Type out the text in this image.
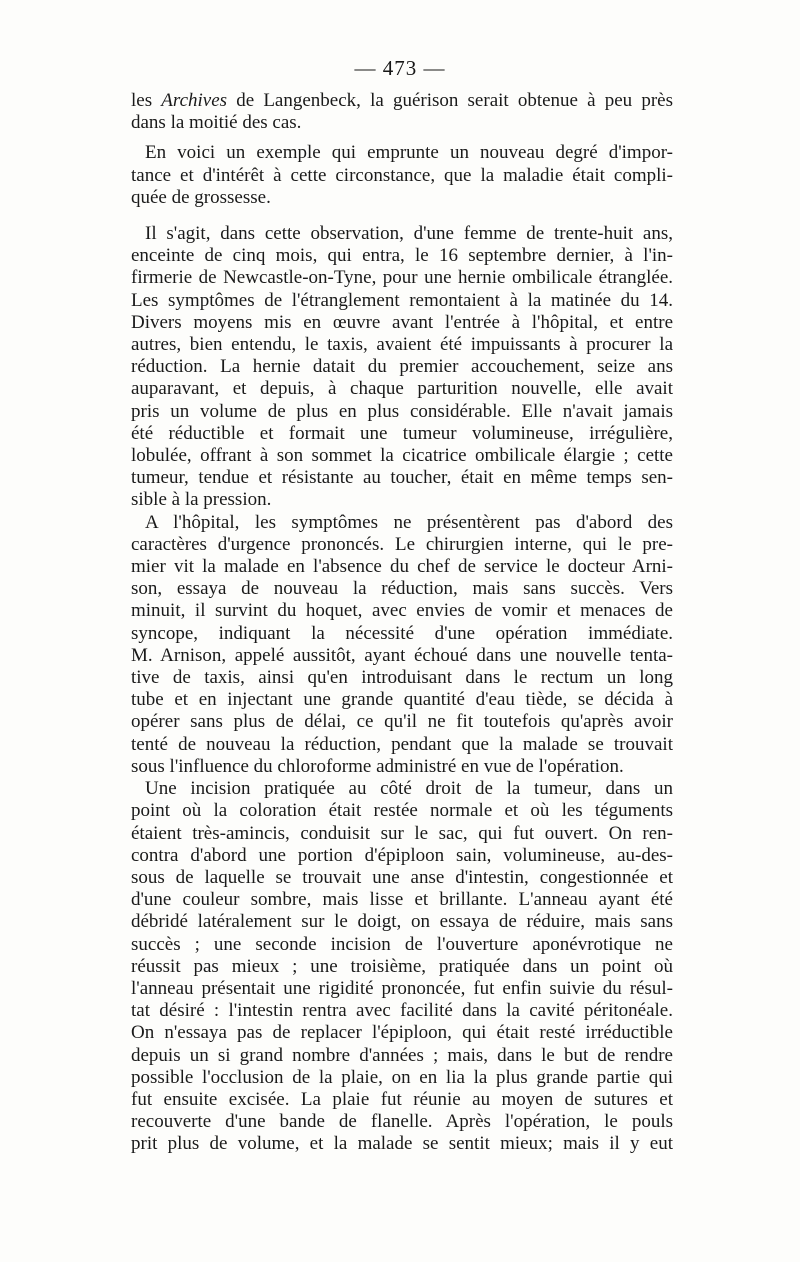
— 473 —
les Archives de Langenbeck, la guérison serait obtenue à peu près
dans la moitié des cas.
En voici un exemple qui emprunte un nouveau degré d'impor-
tance et d'intérêt à cette circonstance, que la maladie était compli-
quée de grossesse.
Il s'agit, dans cette observation, d'une femme de trente-huit ans,
enceinte de cinq mois, qui entra, le 16 septembre dernier, à l'in-
firmerie de Newcastle-on-Tyne, pour une hernie ombilicale étranglée.
Les symptômes de l'étranglement remontaient à la matinée du 14.
Divers moyens mis en œuvre avant l'entrée à l'hôpital, et entre
autres, bien entendu, le taxis, avaient été impuissants à procurer la
réduction. La hernie datait du premier accouchement, seize ans
auparavant, et depuis, à chaque parturition nouvelle, elle avait
pris un volume de plus en plus considérable. Elle n'avait jamais
été réductible et formait une tumeur volumineuse, irrégulière,
lobulée, offrant à son sommet la cicatrice ombilicale élargie ; cette
tumeur, tendue et résistante au toucher, était en même temps sen-
sible à la pression.
A l'hôpital, les symptômes ne présentèrent pas d'abord des
caractères d'urgence prononcés. Le chirurgien interne, qui le pre-
mier vit la malade en l'absence du chef de service le docteur Arni-
son, essaya de nouveau la réduction, mais sans succès. Vers
minuit, il survint du hoquet, avec envies de vomir et menaces de
syncope, indiquant la nécessité d'une opération immédiate.
M. Arnison, appelé aussitôt, ayant échoué dans une nouvelle tenta-
tive de taxis, ainsi qu'en introduisant dans le rectum un long
tube et en injectant une grande quantité d'eau tiède, se décida à
opérer sans plus de délai, ce qu'il ne fit toutefois qu'après avoir
tenté de nouveau la réduction, pendant que la malade se trouvait
sous l'influence du chloroforme administré en vue de l'opération.
Une incision pratiquée au côté droit de la tumeur, dans un
point où la coloration était restée normale et où les téguments
étaient très-amincis, conduisit sur le sac, qui fut ouvert. On ren-
contra d'abord une portion d'épiploon sain, volumineuse, au-des-
sous de laquelle se trouvait une anse d'intestin, congestionnée et
d'une couleur sombre, mais lisse et brillante. L'anneau ayant été
débridé latéralement sur le doigt, on essaya de réduire, mais sans
succès ; une seconde incision de l'ouverture aponévrotique ne
réussit pas mieux ; une troisième, pratiquée dans un point où
l'anneau présentait une rigidité prononcée, fut enfin suivie du résul-
tat désiré : l'intestin rentra avec facilité dans la cavité péritonéale.
On n'essaya pas de replacer l'épiploon, qui était resté irréductible
depuis un si grand nombre d'années ; mais, dans le but de rendre
possible l'occlusion de la plaie, on en lia la plus grande partie qui
fut ensuite excisée. La plaie fut réunie au moyen de sutures et
recouverte d'une bande de flanelle. Après l'opération, le pouls
prit plus de volume, et la malade se sentit mieux; mais il y eut
